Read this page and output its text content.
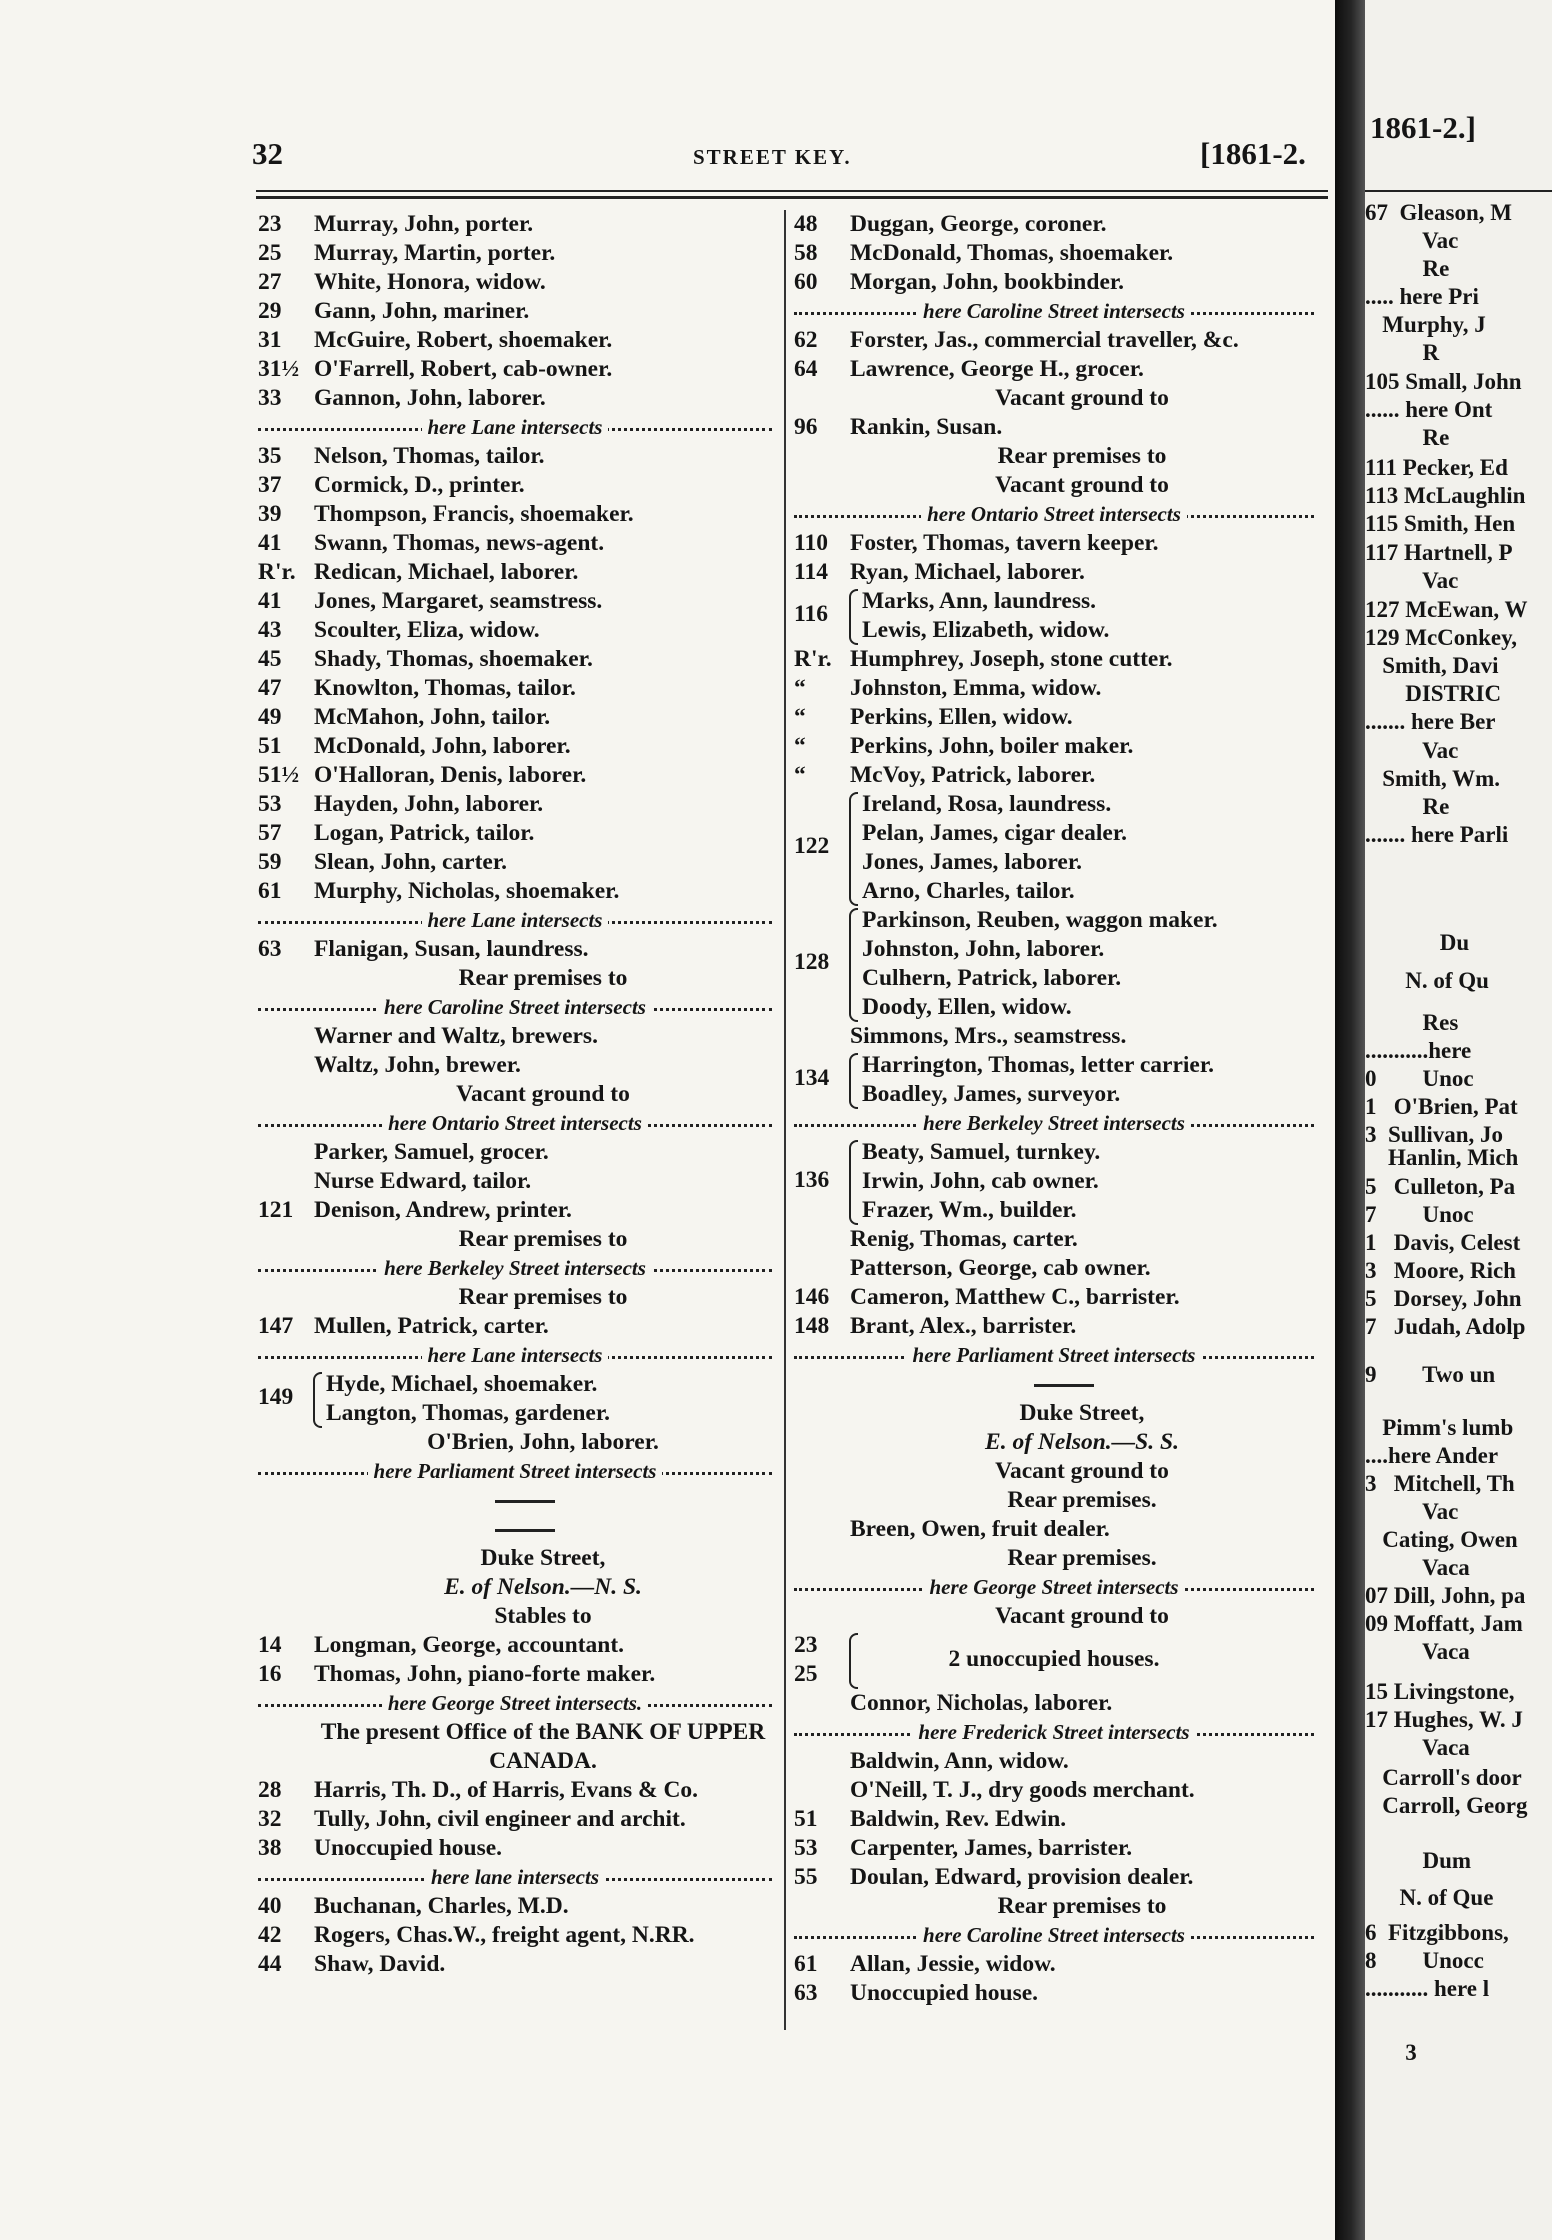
32	STREET KEY.	[1861-2.
23 Murray, John, porter.
25 Murray, Martin, porter.
27 White, Honora, widow.
29 Gann, John, mariner.
31 McGuire, Robert, shoemaker.
31½ O'Farrell, Robert, cab-owner.
33 Gannon, John, laborer.
here Lane intersects
35 Nelson, Thomas, tailor.
37 Cormick, D., printer.
39 Thompson, Francis, shoemaker.
41 Swann, Thomas, news-agent.
R'r. Redican, Michael, laborer.
41 Jones, Margaret, seamstress.
43 Scoulter, Eliza, widow.
45 Shady, Thomas, shoemaker.
47 Knowlton, Thomas, tailor.
49 McMahon, John, tailor.
51 McDonald, John, laborer.
51½ O'Halloran, Denis, laborer.
53 Hayden, John, laborer.
57 Logan, Patrick, tailor.
59 Slean, John, carter.
61 Murphy, Nicholas, shoemaker.
here Lane intersects
63 Flanigan, Susan, laundress.
Rear premises to
here Caroline Street intersects
Warner and Waltz, brewers.
Waltz, John, brewer.
Vacant ground to
here Ontario Street intersects
Parker, Samuel, grocer.
Nurse Edward, tailor.
121 Denison, Andrew, printer.
Rear premises to
here Berkeley Street intersects
Rear premises to
147 Mullen, Patrick, carter.
here Lane intersects
149 Hyde, Michael, shoemaker.
Langton, Thomas, gardener.
O'Brien, John, laborer.
here Parliament Street intersects
Duke Street,
E. of Nelson.—N. S.
Stables to
14 Longman, George, accountant.
16 Thomas, John, piano-forte maker.
here George Street intersects.
The present Office of the BANK OF UPPER
CANADA.
28 Harris, Th. D., of Harris, Evans & Co.
32 Tully, John, civil engineer and archit.
38 Unoccupied house.
here lane intersects
40 Buchanan, Charles, M.D.
42 Rogers, Chas.W., freight agent, N.RR.
44 Shaw, David.
48 Duggan, George, coroner.
58 McDonald, Thomas, shoemaker.
60 Morgan, John, bookbinder.
here Caroline Street intersects
62 Forster, Jas., commercial traveller, &c.
64 Lawrence, George H., grocer.
Vacant ground to
96 Rankin, Susan.
Rear premises to
Vacant ground to
here Ontario Street intersects
110 Foster, Thomas, tavern keeper.
114 Ryan, Michael, laborer.
116 Marks, Ann, laundress.
Lewis, Elizabeth, widow.
R'r. Humphrey, Joseph, stone cutter.
“ Johnston, Emma, widow.
“ Perkins, Ellen, widow.
“ Perkins, John, boiler maker.
“ McVoy, Patrick, laborer.
122
Ireland, Rosa, laundress.
Pelan, James, cigar dealer.
Jones, James, laborer.
Arno, Charles, tailor.
128
Parkinson, Reuben, waggon maker.
Johnston, John, laborer.
Culhern, Patrick, laborer.
Doody, Ellen, widow.
Simmons, Mrs., seamstress.
134 Harrington, Thomas, letter carrier.
Boadley, James, surveyor.
here Berkeley Street intersects
136
Beaty, Samuel, turnkey.
Irwin, John, cab owner.
Frazer, Wm., builder.
Renig, Thomas, carter.
Patterson, George, cab owner.
146 Cameron, Matthew C., barrister.
148 Brant, Alex., barrister.
here Parliament Street intersects
Duke Street,
E. of Nelson.—S. S.
Vacant ground to
Rear premises.
Breen, Owen, fruit dealer.
Rear premises.
here George Street intersects
Vacant ground to
23 25
2 unoccupied houses.
Connor, Nicholas, laborer.
here Frederick Street intersects
Baldwin, Ann, widow.
O'Neill, T. J., dry goods merchant.
51 Baldwin, Rev. Edwin.
53 Carpenter, James, barrister.
55 Doulan, Edward, provision dealer.
Rear premises to
here Caroline Street intersects
61 Allan, Jessie, widow.
63 Unoccupied house.
1861-2.]
67  Gleason, M
Vac
Re
..... here Pri
Murphy, J
R
105 Small, John
...... here Ont
Re
111 Pecker, Ed
113 McLaughlin
115 Smith, Hen
117 Hartnell, P
Vac
127 McEwan, W
129 McConkey,
Smith, Davi
DISTRIC
....... here Ber
Vac
Smith, Wm.
Re
....... here Parli
Du
N. of Qu
Res
...........here
0        Unoc
1   O'Brien, Pat
3  Sullivan, Jo
Hanlin, Mich
5   Culleton, Pa
7        Unoc
1   Davis, Celest
3   Moore, Rich
5   Dorsey, John
7   Judah, Adolp
9        Two un
Pimm's lumb
....here Ander
3   Mitchell, Th
Vac
Cating, Owen
Vaca
07 Dill, John, pa
09 Moffatt, Jam
Vaca
15 Livingstone,
17 Hughes, W. J
Vaca
Carroll's door
Carroll, Georg
Dum
N. of Que
6  Fitzgibbons,
8        Unocc
........... here l
3
